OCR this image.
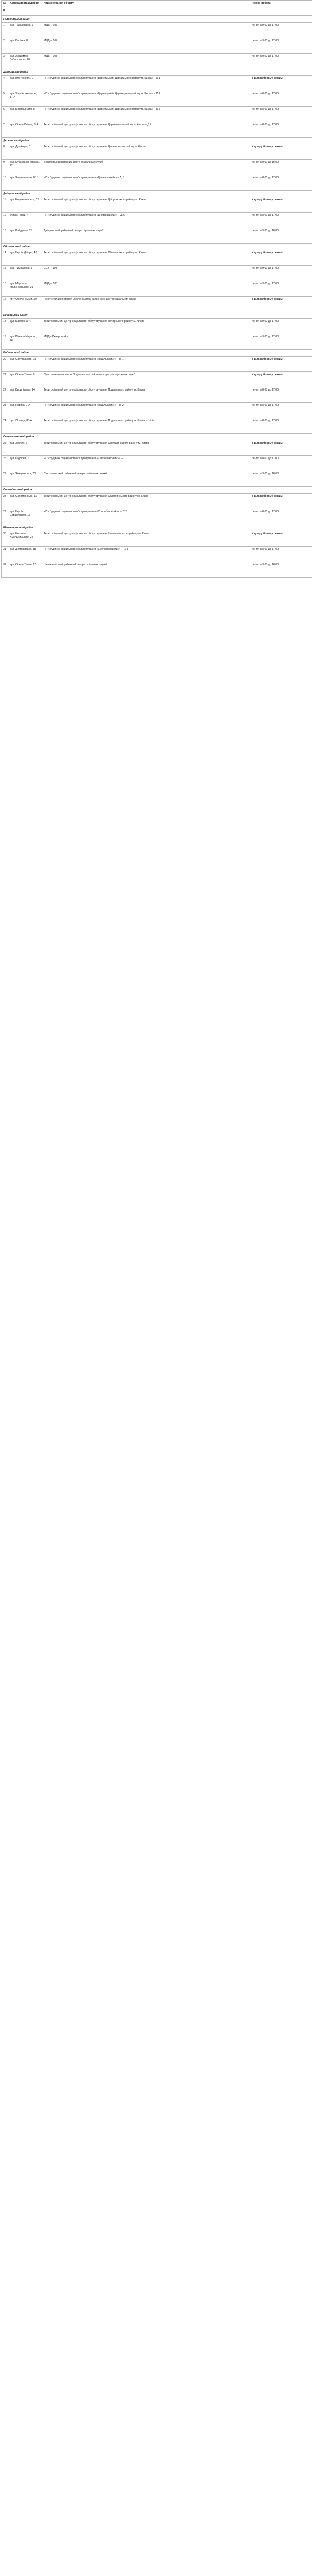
№ з/п	Адреса розташування	Найменування об'єкту	Режим роботи
Голосіївський район			
1	вул. Тарасівська, 1	МЦД – 106	пн.-пт. з 9:00 до 17:00
2	вул. Касіяна, 8	МЦД – 107	пн.-пт. з 9:00 до 17:00
3	вул. Академіка Заболотного, 20	МЦД – 105	пн.-пт. з 9:00 до 17:00
Дарницький район			
4	вул. Іллі Кочерги, 9	НП «Будинок соціального обслуговування «Дарницький» Дарницького району м. Києва» – Д 1	У цілодобовому режимі
5	вул. Харківське шосе, 17-А	НП «Будинок соціального обслуговування «Дарницький» Дарницького району м. Києва» – Д 2	пн.-пт. з 8:00 до 17:00
6	вул. Бориса Гмирі, 8	НП «Будинок соціального обслуговування «Дарницький» Дарницького району м. Києва» – Д 3	пн.-пт. з 8:00 до 17:00
7	вул. Олени Пчілки, 3-А	Територіальний центр соціального обслуговування Дарницького району м. Києва – Д 4	пн.-пт. з 8:00 до 17:00
Деснянський район			
8	вул. Драйзера, 6	Територіальний центр соціального обслуговування Деснянського району м. Києва	У цілодобовому режимі
9	вул. Кубанської України, 12	Деснянський районний центр соціальних служб	пн.-пт. з 9:00 до 18:00
10	вул. Закревського, 81/1	НП «Будинок соціального обслуговування «Деснянський»» – Д 5	пн.-пт. з 8:00 до 17:00
Дніпровський район			
11	вул. Березняківська, 12	Територіальний центр соціального обслуговування Дніпровського району м. Києва	У цілодобовому режимі
12	бульв. Праці, 4	НП «Будинок соціального обслуговування «Дніпровський»» – Д 6	пн.-пт. з 8:00 до 17:00
13	вул. Райдужна, 25	Дніпровський районний центр соціальних служб	пн.-пт. з 9:00 до 18:00
Оболонський район			
14	вул. Героїв Дніпра, 42	Територіальний центр соціального обслуговування Оболонського району м. Києва	У цілодобовому режимі
15	вул. Тимошенка, 1	СЦБ – 109	пн.-пт. з 9:00 до 17:00
16	вул. Маршала Малиновського, 21	МЦД – 108	пн.-пт. з 9:00 до 17:00
17	пр-т Оболонський, 30	Пункт незламності при Оболонському районному центрі соціальних служб	У цілодобовому режимі
Печерський район			
18	вул. Бастіонна, 4	Територіальний центр соціального обслуговування Печерського району м. Києва	пн.-пт. з 9:00 до 17:00
19	вул. Панаса Мирного, 26	МЦД «Печерський»	пн.-пт. з 9:00 до 17:00
Подільський район			
20	вул. Світлицького, 28	НП «Будинок соціального обслуговування «Подільський»» – П 1	У цілодобовому режимі
21	вул. Олени Теліги, 9	Пункт незламності при Подільському районному центрі соціальних служб	У цілодобовому режимі
22	вул. Кирилівська, 14	Територіальний центр соціального обслуговування Подільського району м. Києва	пн.-пт. з 8:00 до 17:00
23	вул. Порика, 7-А	НП «Будинок соціального обслуговування «Подільський»» – П 2	пн.-пт. з 8:00 до 17:00
24	пр-т Правди, 80-А	Територіальний центр соціального обслуговування Подільського району м. Києва – філія	пн.-пт. з 8:00 до 17:00
Святошинський район			
25	вул. Зодчих, 6	Територіальний центр соціального обслуговування Святошинського району м. Києва	У цілодобовому режимі
26	вул. Підлісна, 1	НП «Будинок соціального обслуговування «Святошинський»» – С 1	пн.-пт. з 8:00 до 17:00
27	вул. Жмеринська, 20	Святошинський районний центр соціальних служб	пн.-пт. з 9:00 до 18:00
Солом'янський район			
28	вул. Солом'янська, 17	Територіальний центр соціального обслуговування Солом'янського району м. Києва	У цілодобовому режимі
29	вул. Героїв Севастополя, 13	НП «Будинок соціального обслуговування «Солом'янський»» – С 2	пн.-пт. з 8:00 до 17:00
Шевченківський район			
30	вул. Богдана Хмельницького, 24	Територіальний центр соціального обслуговування Шевченківського району м. Києва	У цілодобовому режимі
31	вул. Дегтярівська, 15	НП «Будинок соціального обслуговування «Шевченківський»» – Ш 1	пн.-пт. з 8:00 до 17:00
32	вул. Олени Теліги, 25	Шевченківський районний центр соціальних служб	пн.-пт. з 9:00 до 18:00
